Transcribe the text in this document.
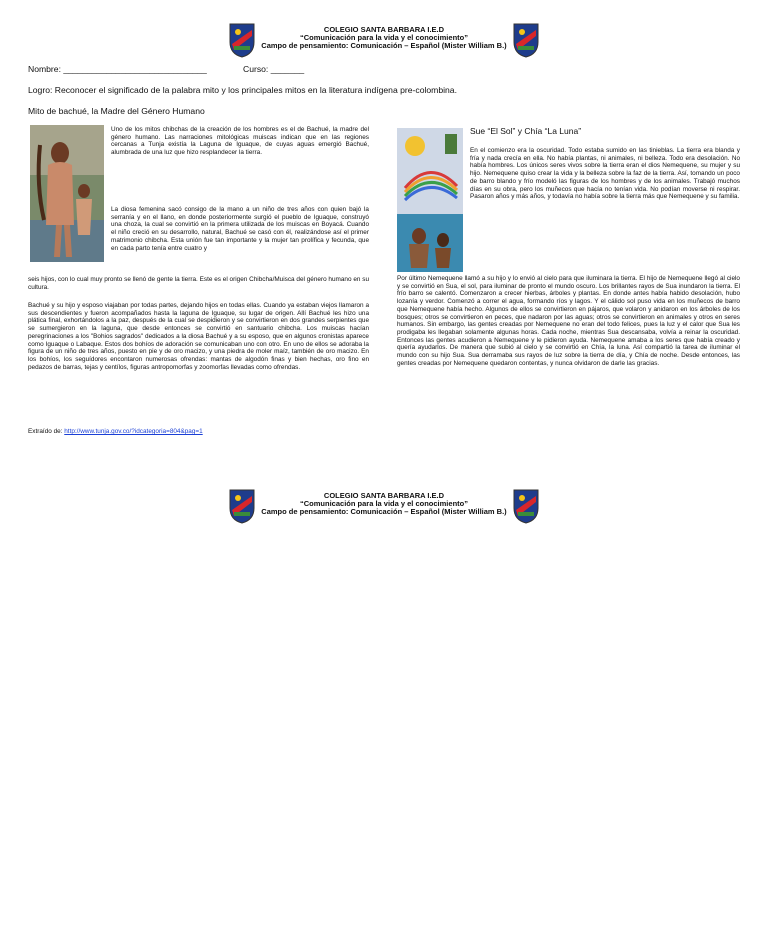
COLEGIO SANTA BARBARA I.E.D
“Comunicación para la vida y el conocimiento”
Campo de pensamiento: Comunicación – Español (Mister William B.)
Nombre: ______________________________	Curso: _______
Logro: Reconocer el significado de la palabra mito y los principales mitos en la literatura indígena pre-colombina.
Mito de bachué, la Madre del Género Humano
Uno de los mitos chibchas de la creación de los hombres es el de Bachué, la madre del género humano. Las narraciones mitológicas muiscas indican que en las regiones cercanas a Tunja existía la Laguna de Iguaque, de cuyas aguas emergió Bachué, alumbrada de una luz que hizo resplandecer la tierra.
La diosa femenina sacó consigo de la mano a un niño de tres años con quien bajó la serranía y en el llano, en donde posteriormente surgió el pueblo de Iguaque, construyó una choza, la cual se convirtió en la primera utilizada de los muiscas en Boyacá. Cuando el niño creció en su desarrollo, natural, Bachué se casó con él, realizándose así el primer matrimonio chibcha. Esta unión fue tan importante y la mujer tan prolífica y fecunda, que en cada parto tenía entre cuatro y
seis hijos, con lo cual muy pronto se llenó de gente la tierra. Este es el origen Chibcha/Muisca del género humano en su cultura.
Bachué y su hijo y esposo viajaban por todas partes, dejando hijos en todas ellas. Cuando ya estaban viejos llamaron a sus descendientes y fueron acompañados hasta la laguna de Iguaque, su lugar de origen. Allí Bachué les hizo una plática final, exhortándolos a la paz, después de la cual se despidieron y se convirtieron en dos grandes serpientes que se sumergieron en la laguna, que desde entonces se convirtió en santuario chibcha. Los muiscas hacían peregrinaciones a los "Bohios sagrados" dedicados a la diosa Bachué y a su esposo, que en algunos cronistas aparece como Iguaque o Labaque. Estos dos bohíos de adoración se comunicaban uno con otro. En uno de ellos se adoraba la figura de un niño de tres años, puesto en pie y de oro macizo, y una piedra de moler maíz, también de oro macizo. En los bohíos, los seguídores encontaron numerosas ofrendas: mantas de algodón finas y bien hechas, oro fino en pedazos de barras, tejas y centílos, figuras antropomorfas y zoomorfas llevadas como ofrendas.
Extraído de: http://www.tunja.gov.co/?idcategoria=804&pag=1
Sue “El Sol” y Chía “La Luna”
En el comienzo era la oscuridad. Todo estaba sumido en las tinieblas. La tierra era blanda y fría y nada crecía en ella. No había plantas, ni animales, ni belleza. Todo era desolación. No había hombres. Los únicos seres vivos sobre la tierra eran el dios Nemequene, su mujer y su hijo. Nemequene quiso crear la vida y la belleza sobre la faz de la tierra. Así, tomando un poco de barro blando y frío modeló las figuras de los hombres y de los animales. Trabajó muchos días en su obra, pero los muñecos que hacía no tenían vida. No podían moverse ni respirar. Pasaron años y más años, y todavía no había sobre la tierra más que Nemequene y su familia.
Por último Nemequene llamó a su hijo y lo envió al cielo para que iluminara la tierra. El hijo de Nemequene llegó al cielo y se convirtió en Sua, el sol, para iluminar de pronto el mundo oscuro. Los brillantes rayos de Sua inundaron la tierra. El frío barro se calentó. Comenzaron a crecer hierbas, árboles y plantas. En donde antes había habido desolación, hubo lozanía y verdor. Comenzó a correr el agua, formando ríos y lagos. Y el cálido sol puso vida en los muñecos de barro que Nemequene había hecho. Algunos de ellos se convirtieron en pájaros, que volaron y anidaron en los árboles de los bosques; otros se convirtieron en peces, que nadaron por las aguas; otros se convirtieron en animales y otros en seres humanos. Sin embargo, las gentes creadas por Nemequene no eran del todo felices, pues la luz y el calor que Sua les prodigaba les llegaban solamente algunas horas. Cada noche, mientras Sua descansaba, volvía a reinar la oscuridad. Entonces las gentes acudieron a Nemequene y le pidieron ayuda. Nemequene amaba a los seres que había creado y quería ayudarlos. De manera que subió al cielo y se convirtió en Chía, la luna. Así compartió la tarea de iluminar el mundo con su hijo Sua. Sua derramaba sus rayos de luz sobre la tierra de día, y Chía de noche. Desde entonces, las gentes creadas por Nemequene quedaron contentas, y nunca olvidaron de darle las gracias.
COLEGIO SANTA BARBARA I.E.D
“Comunicación para la vida y el conocimiento”
Campo de pensamiento: Comunicación – Español (Mister William B.)
